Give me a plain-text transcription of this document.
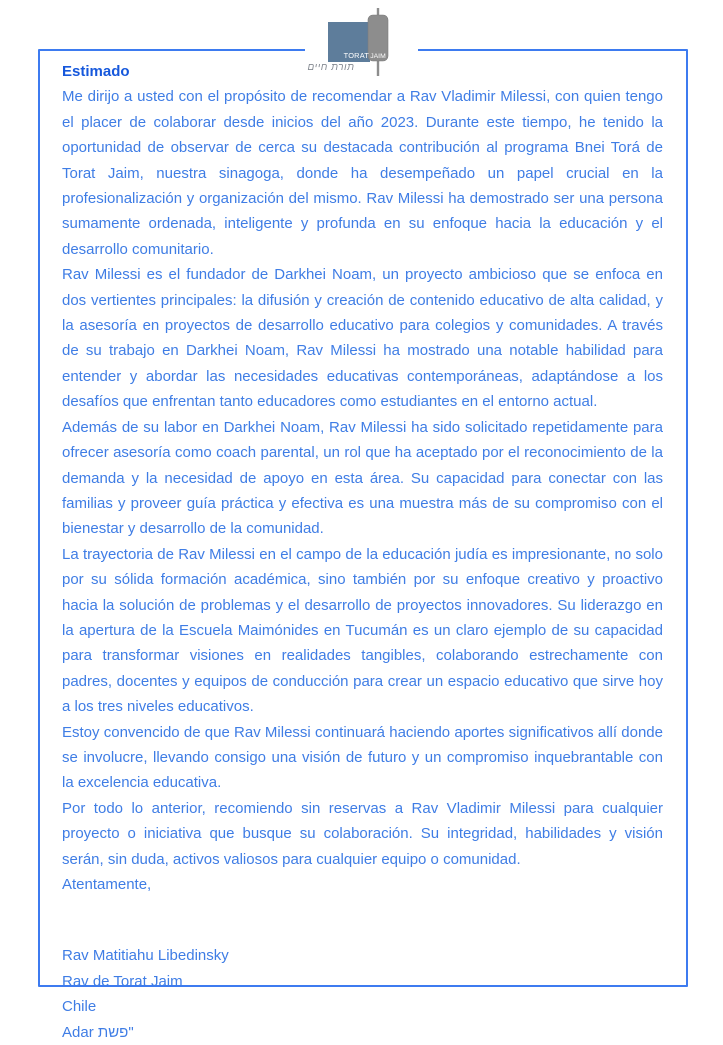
TORAT JAIM
תורת חיים
Estimado

Me dirijo a usted con el propósito de recomendar a Rav Vladimir Milessi, con quien tengo el placer de colaborar desde inicios del año 2023. Durante este tiempo, he tenido la oportunidad de observar de cerca su destacada contribución al programa Bnei Torá de Torat Jaim, nuestra sinagoga, donde ha desempeñado un papel crucial en la profesionalización y organización del mismo. Rav Milessi ha demostrado ser una persona sumamente ordenada, inteligente y profunda en su enfoque hacia la educación y el desarrollo comunitario.

Rav Milessi es el fundador de Darkhei Noam, un proyecto ambicioso que se enfoca en dos vertientes principales: la difusión y creación de contenido educativo de alta calidad, y la asesoría en proyectos de desarrollo educativo para colegios y comunidades. A través de su trabajo en Darkhei Noam, Rav Milessi ha mostrado una notable habilidad para entender y abordar las necesidades educativas contemporáneas, adaptándose a los desafíos que enfrentan tanto educadores como estudiantes en el entorno actual.

Además de su labor en Darkhei Noam, Rav Milessi ha sido solicitado repetidamente para ofrecer asesoría como coach parental, un rol que ha aceptado por el reconocimiento de la demanda y la necesidad de apoyo en esta área. Su capacidad para conectar con las familias y proveer guía práctica y efectiva es una muestra más de su compromiso con el bienestar y desarrollo de la comunidad.

La trayectoria de Rav Milessi en el campo de la educación judía es impresionante, no solo por su sólida formación académica, sino también por su enfoque creativo y proactivo hacia la solución de problemas y el desarrollo de proyectos innovadores. Su liderazgo en la apertura de la Escuela Maimónides en Tucumán es un claro ejemplo de su capacidad para transformar visiones en realidades tangibles, colaborando estrechamente con padres, docentes y equipos de conducción para crear un espacio educativo que sirve hoy a los tres niveles educativos.

Estoy convencido de que Rav Milessi continuará haciendo aportes significativos allí donde se involucre, llevando consigo una visión de futuro y un compromiso inquebrantable con la excelencia educativa.

Por todo lo anterior, recomiendo sin reservas a Rav Vladimir Milessi para cualquier proyecto o iniciativa que busque su colaboración. Su integridad, habilidades y visión serán, sin duda, activos valiosos para cualquier equipo o comunidad.

Atentamente,
Rav Matitiahu Libedinsky
Rav de Torat Jaim
Chile
Adar תשפ"
